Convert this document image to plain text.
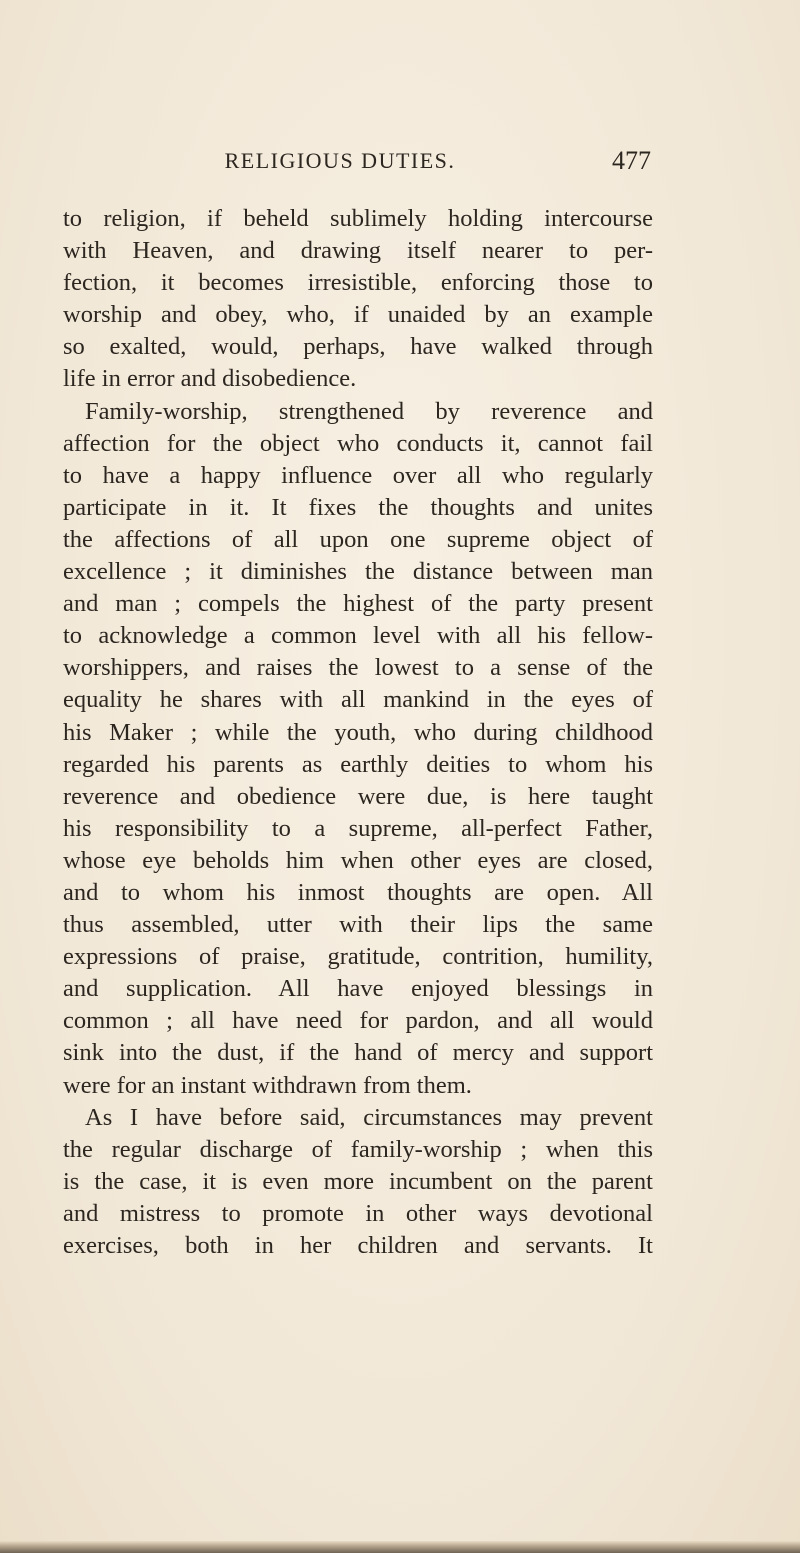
RELIGIOUS DUTIES.	477
to religion, if beheld sublimely holding intercourse
with Heaven, and drawing itself nearer to per-
fection, it becomes irresistible, enforcing those to
worship and obey, who, if unaided by an example
so exalted, would, perhaps, have walked through
life in error and disobedience.
Family-worship, strengthened by reverence and
affection for the object who conducts it, cannot fail
to have a happy influence over all who regularly
participate in it. It fixes the thoughts and unites
the affections of all upon one supreme object of
excellence ; it diminishes the distance between man
and man ; compels the highest of the party present
to acknowledge a common level with all his fellow-
worshippers, and raises the lowest to a sense of the
equality he shares with all mankind in the eyes of
his Maker ; while the youth, who during childhood
regarded his parents as earthly deities to whom his
reverence and obedience were due, is here taught
his responsibility to a supreme, all-perfect Father,
whose eye beholds him when other eyes are closed,
and to whom his inmost thoughts are open. All
thus assembled, utter with their lips the same
expressions of praise, gratitude, contrition, humility,
and supplication. All have enjoyed blessings in
common ; all have need for pardon, and all would
sink into the dust, if the hand of mercy and support
were for an instant withdrawn from them.
As I have before said, circumstances may prevent
the regular discharge of family-worship ; when this
is the case, it is even more incumbent on the parent
and mistress to promote in other ways devotional
exercises, both in her children and servants. It
